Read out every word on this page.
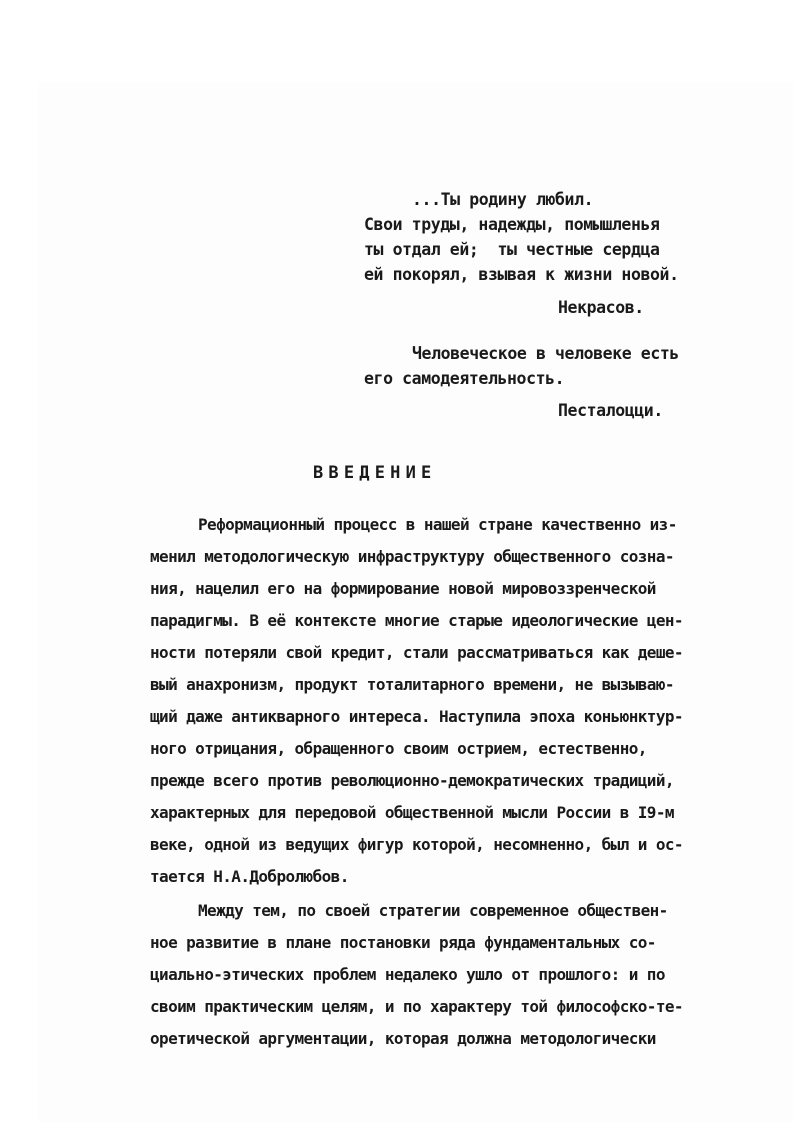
...Ты родину любил.
Свои труды, надежды, помышленья
ты отдал ей;  ты честные сердца
ей покорял, взывая к жизни новой.
Некрасов.
Человеческое в человеке есть
его самодеятельность.
Песталоцци.
ВВЕДЕНИЕ
Реформационный процесс в нашей стране качественно из-
менил методологическую инфраструктуру общественного созна-
ния, нацелил его на формирование новой мировоззренческой
парадигмы. В её контексте многие старые идеологические цен-
ности потеряли свой кредит, стали рассматриваться как деше-
вый анахронизм, продукт тоталитарного времени, не вызываю-
щий даже антикварного интереса. Наступила эпоха коньюнктур-
ного отрицания, обращенного своим острием, естественно,
прежде всего против революционно-демократических традиций,
характерных для передовой общественной мысли России в I9-м
веке, одной из ведущих фигур которой, несомненно, был и ос-
тается Н.А.Добролюбов.
Между тем, по своей стратегии современное обществен-
ное развитие в плане постановки ряда фундаментальных со-
циально-этических проблем недалеко ушло от прошлого: и по
своим практическим целям, и по характеру той философско-те-
оретической аргументации, которая должна методологически
